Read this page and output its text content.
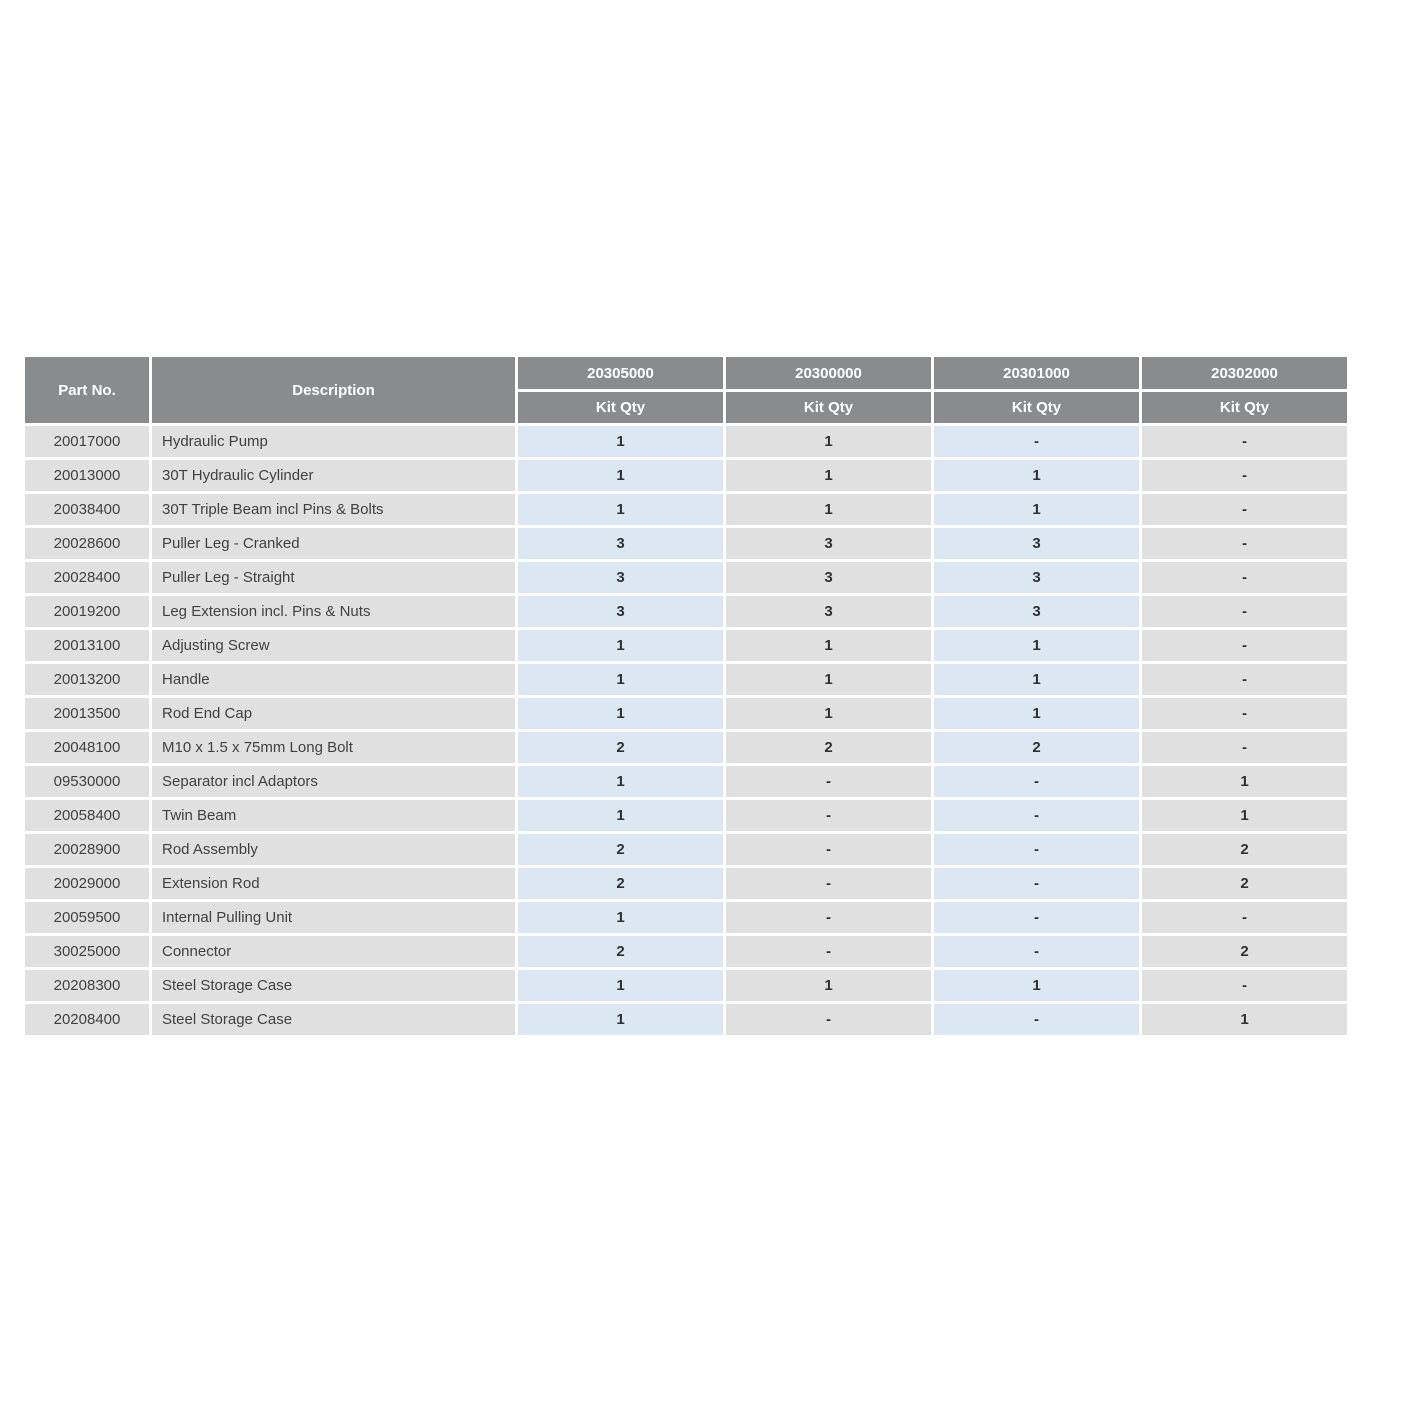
Part No.	Description	20305000	20300000	20301000	20302000
		Kit Qty	Kit Qty	Kit Qty	Kit Qty
20017000	Hydraulic Pump	1	1	-	-
20013000	30T Hydraulic Cylinder	1	1	1	-
20038400	30T Triple Beam incl Pins & Bolts	1	1	1	-
20028600	Puller Leg - Cranked	3	3	3	-
20028400	Puller Leg - Straight	3	3	3	-
20019200	Leg Extension incl. Pins & Nuts	3	3	3	-
20013100	Adjusting Screw	1	1	1	-
20013200	Handle	1	1	1	-
20013500	Rod End Cap	1	1	1	-
20048100	M10 x 1.5 x 75mm Long Bolt	2	2	2	-
09530000	Separator incl Adaptors	1	-	-	1
20058400	Twin Beam	1	-	-	1
20028900	Rod Assembly	2	-	-	2
20029000	Extension Rod	2	-	-	2
20059500	Internal Pulling Unit	1	-	-	-
30025000	Connector	2	-	-	2
20208300	Steel Storage Case	1	1	1	-
20208400	Steel Storage Case	1	-	-	1
